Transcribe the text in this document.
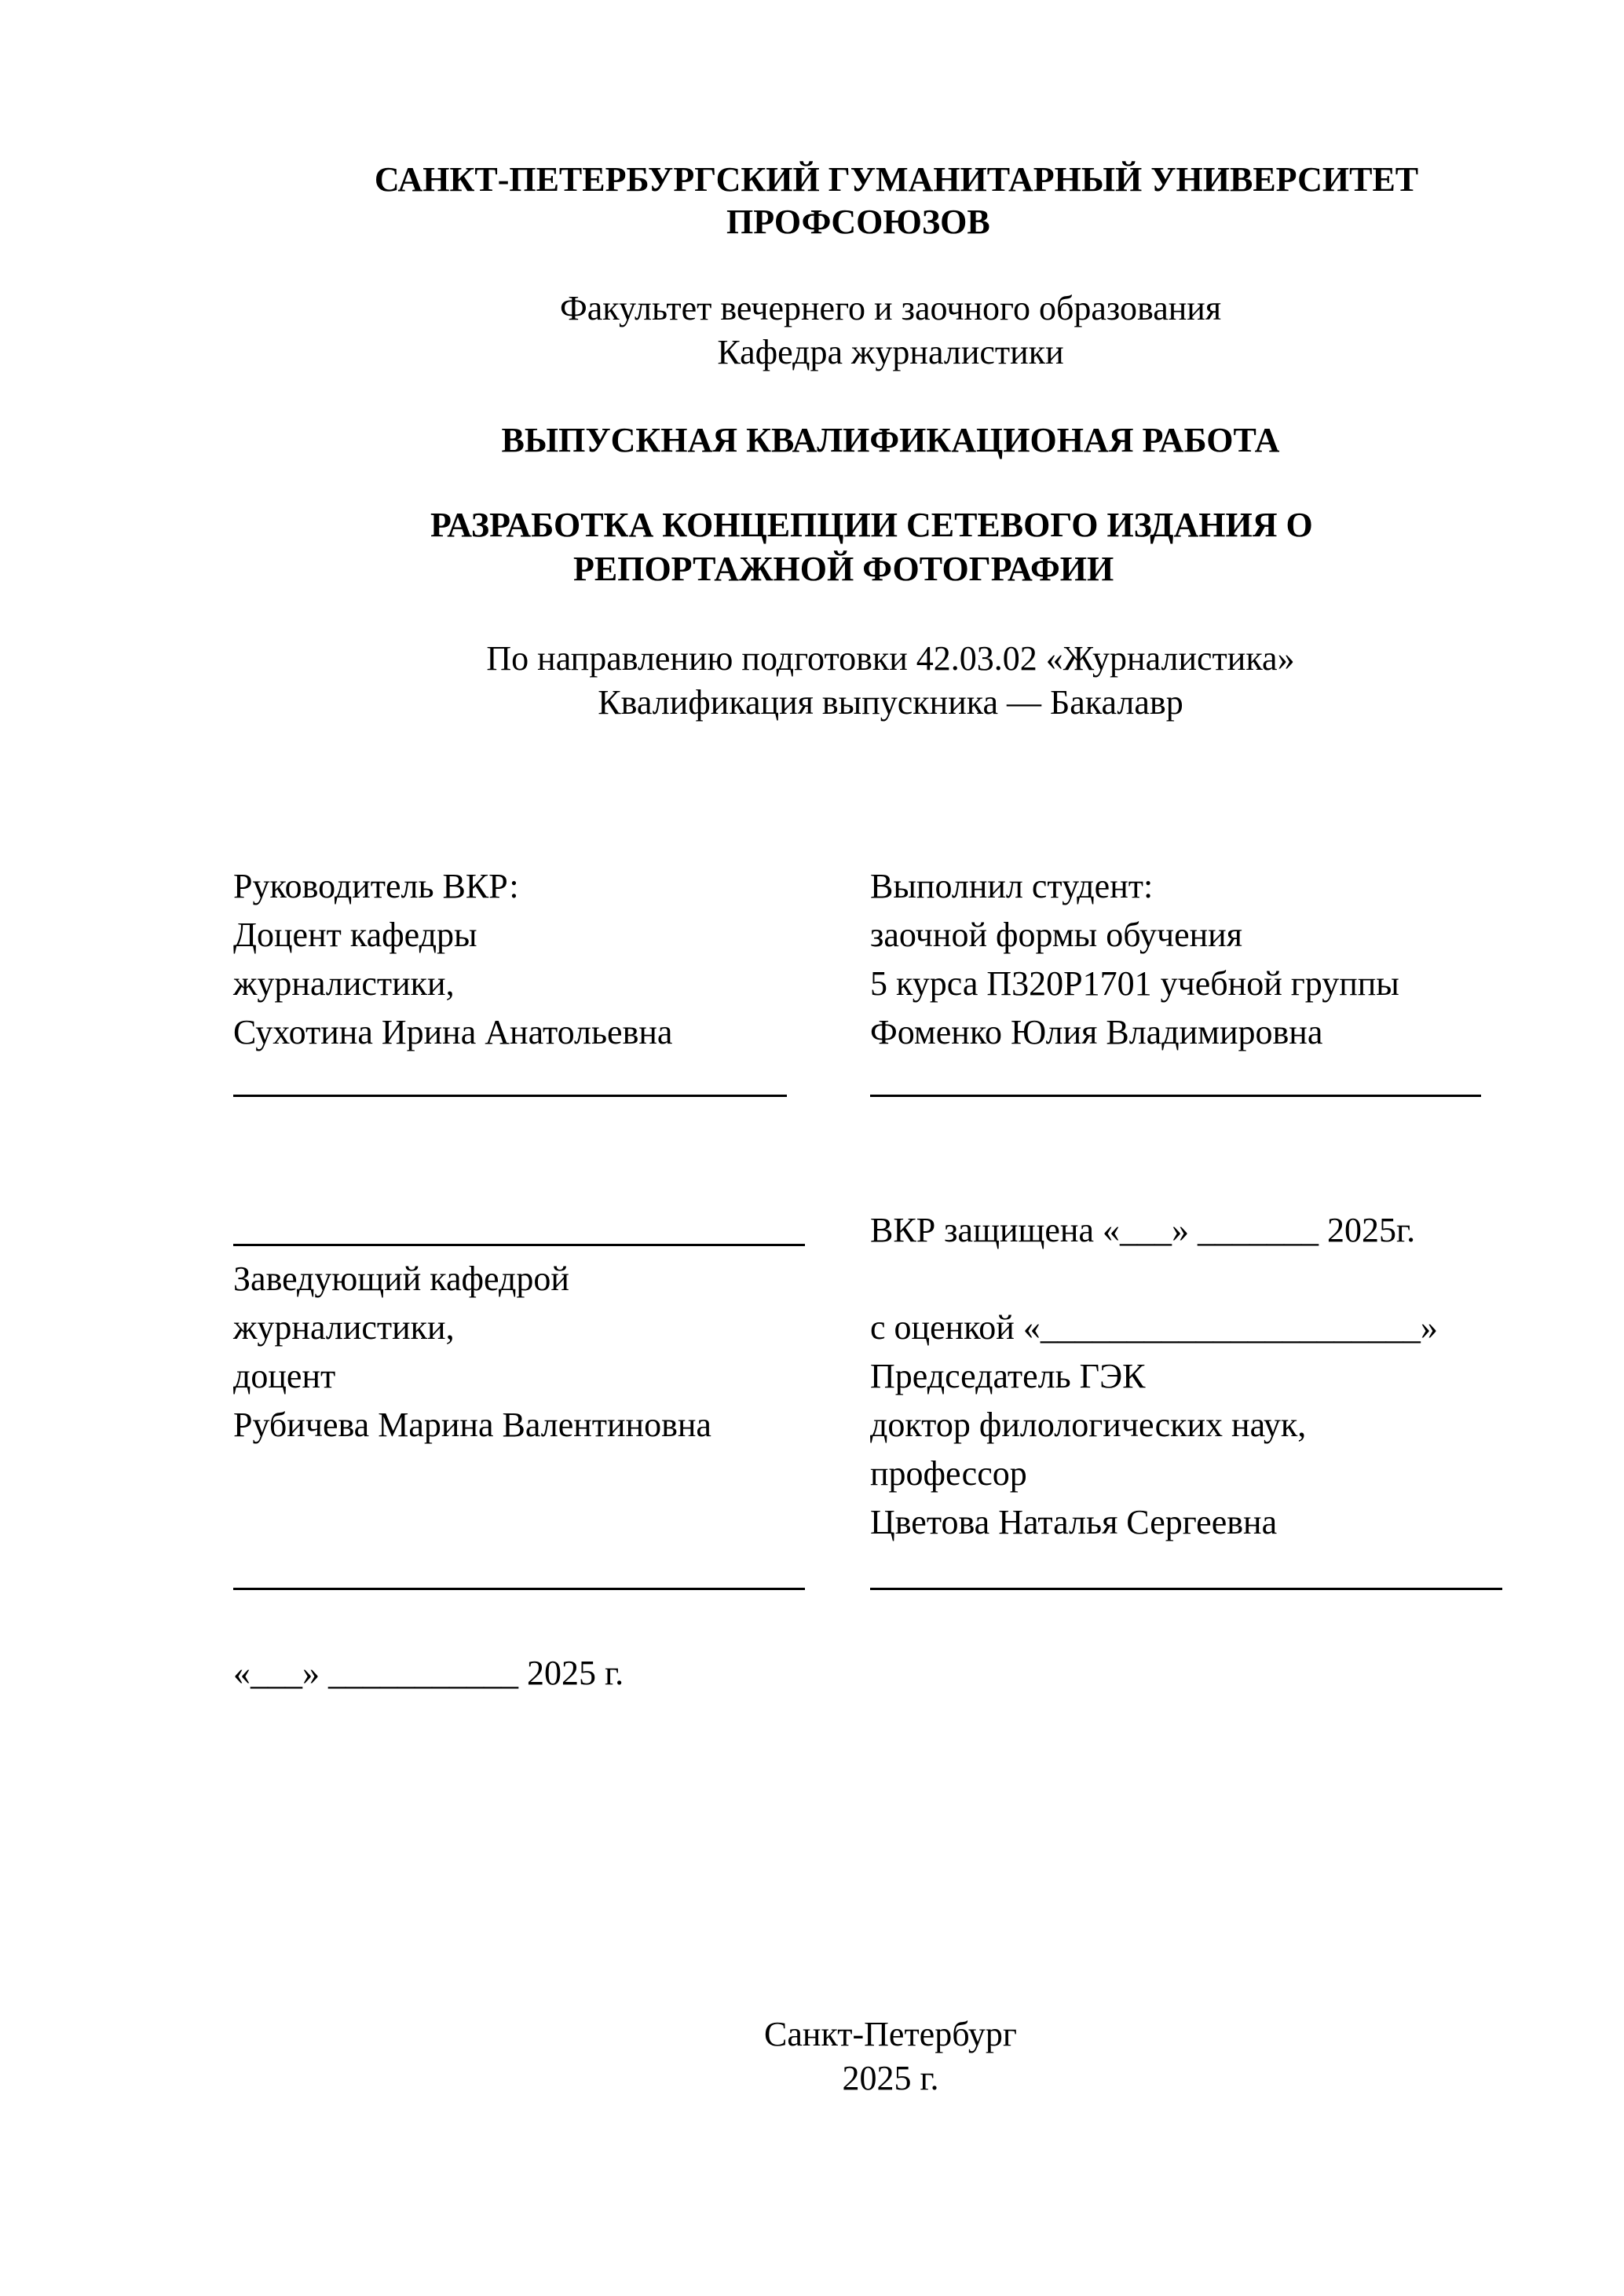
САНКТ-ПЕТЕРБУРГСКИЙ ГУМАНИТАРНЫЙ УНИВЕРСИТЕТ
ПРОФСОЮЗОВ
Факультет вечернего и заочного образования
Кафедра журналистики
ВЫПУСКНАЯ КВАЛИФИКАЦИОНАЯ РАБОТА
РАЗРАБОТКА КОНЦЕПЦИИ СЕТЕВОГО ИЗДАНИЯ О
РЕПОРТАЖНОЙ ФОТОГРАФИИ
По направлению подготовки 42.03.02 «Журналистика»
Квалификация выпускника — Бакалавр
Руководитель ВКР:
Доцент кафедры
журналистики,
Сухотина Ирина Анатольевна
Выполнил студент:
заочной формы обучения
5 курса П320Р1701 учебной группы
Фоменко Юлия Владимировна
Заведующий кафедрой
журналистики,
доцент
Рубичева Марина Валентиновна
«___» ___________ 2025 г.
ВКР защищена «___» _______ 2025г.
с оценкой «______________________»
Председатель ГЭК
доктор филологических наук,
профессор
Цветова Наталья Сергеевна
Санкт-Петербург
2025 г.
